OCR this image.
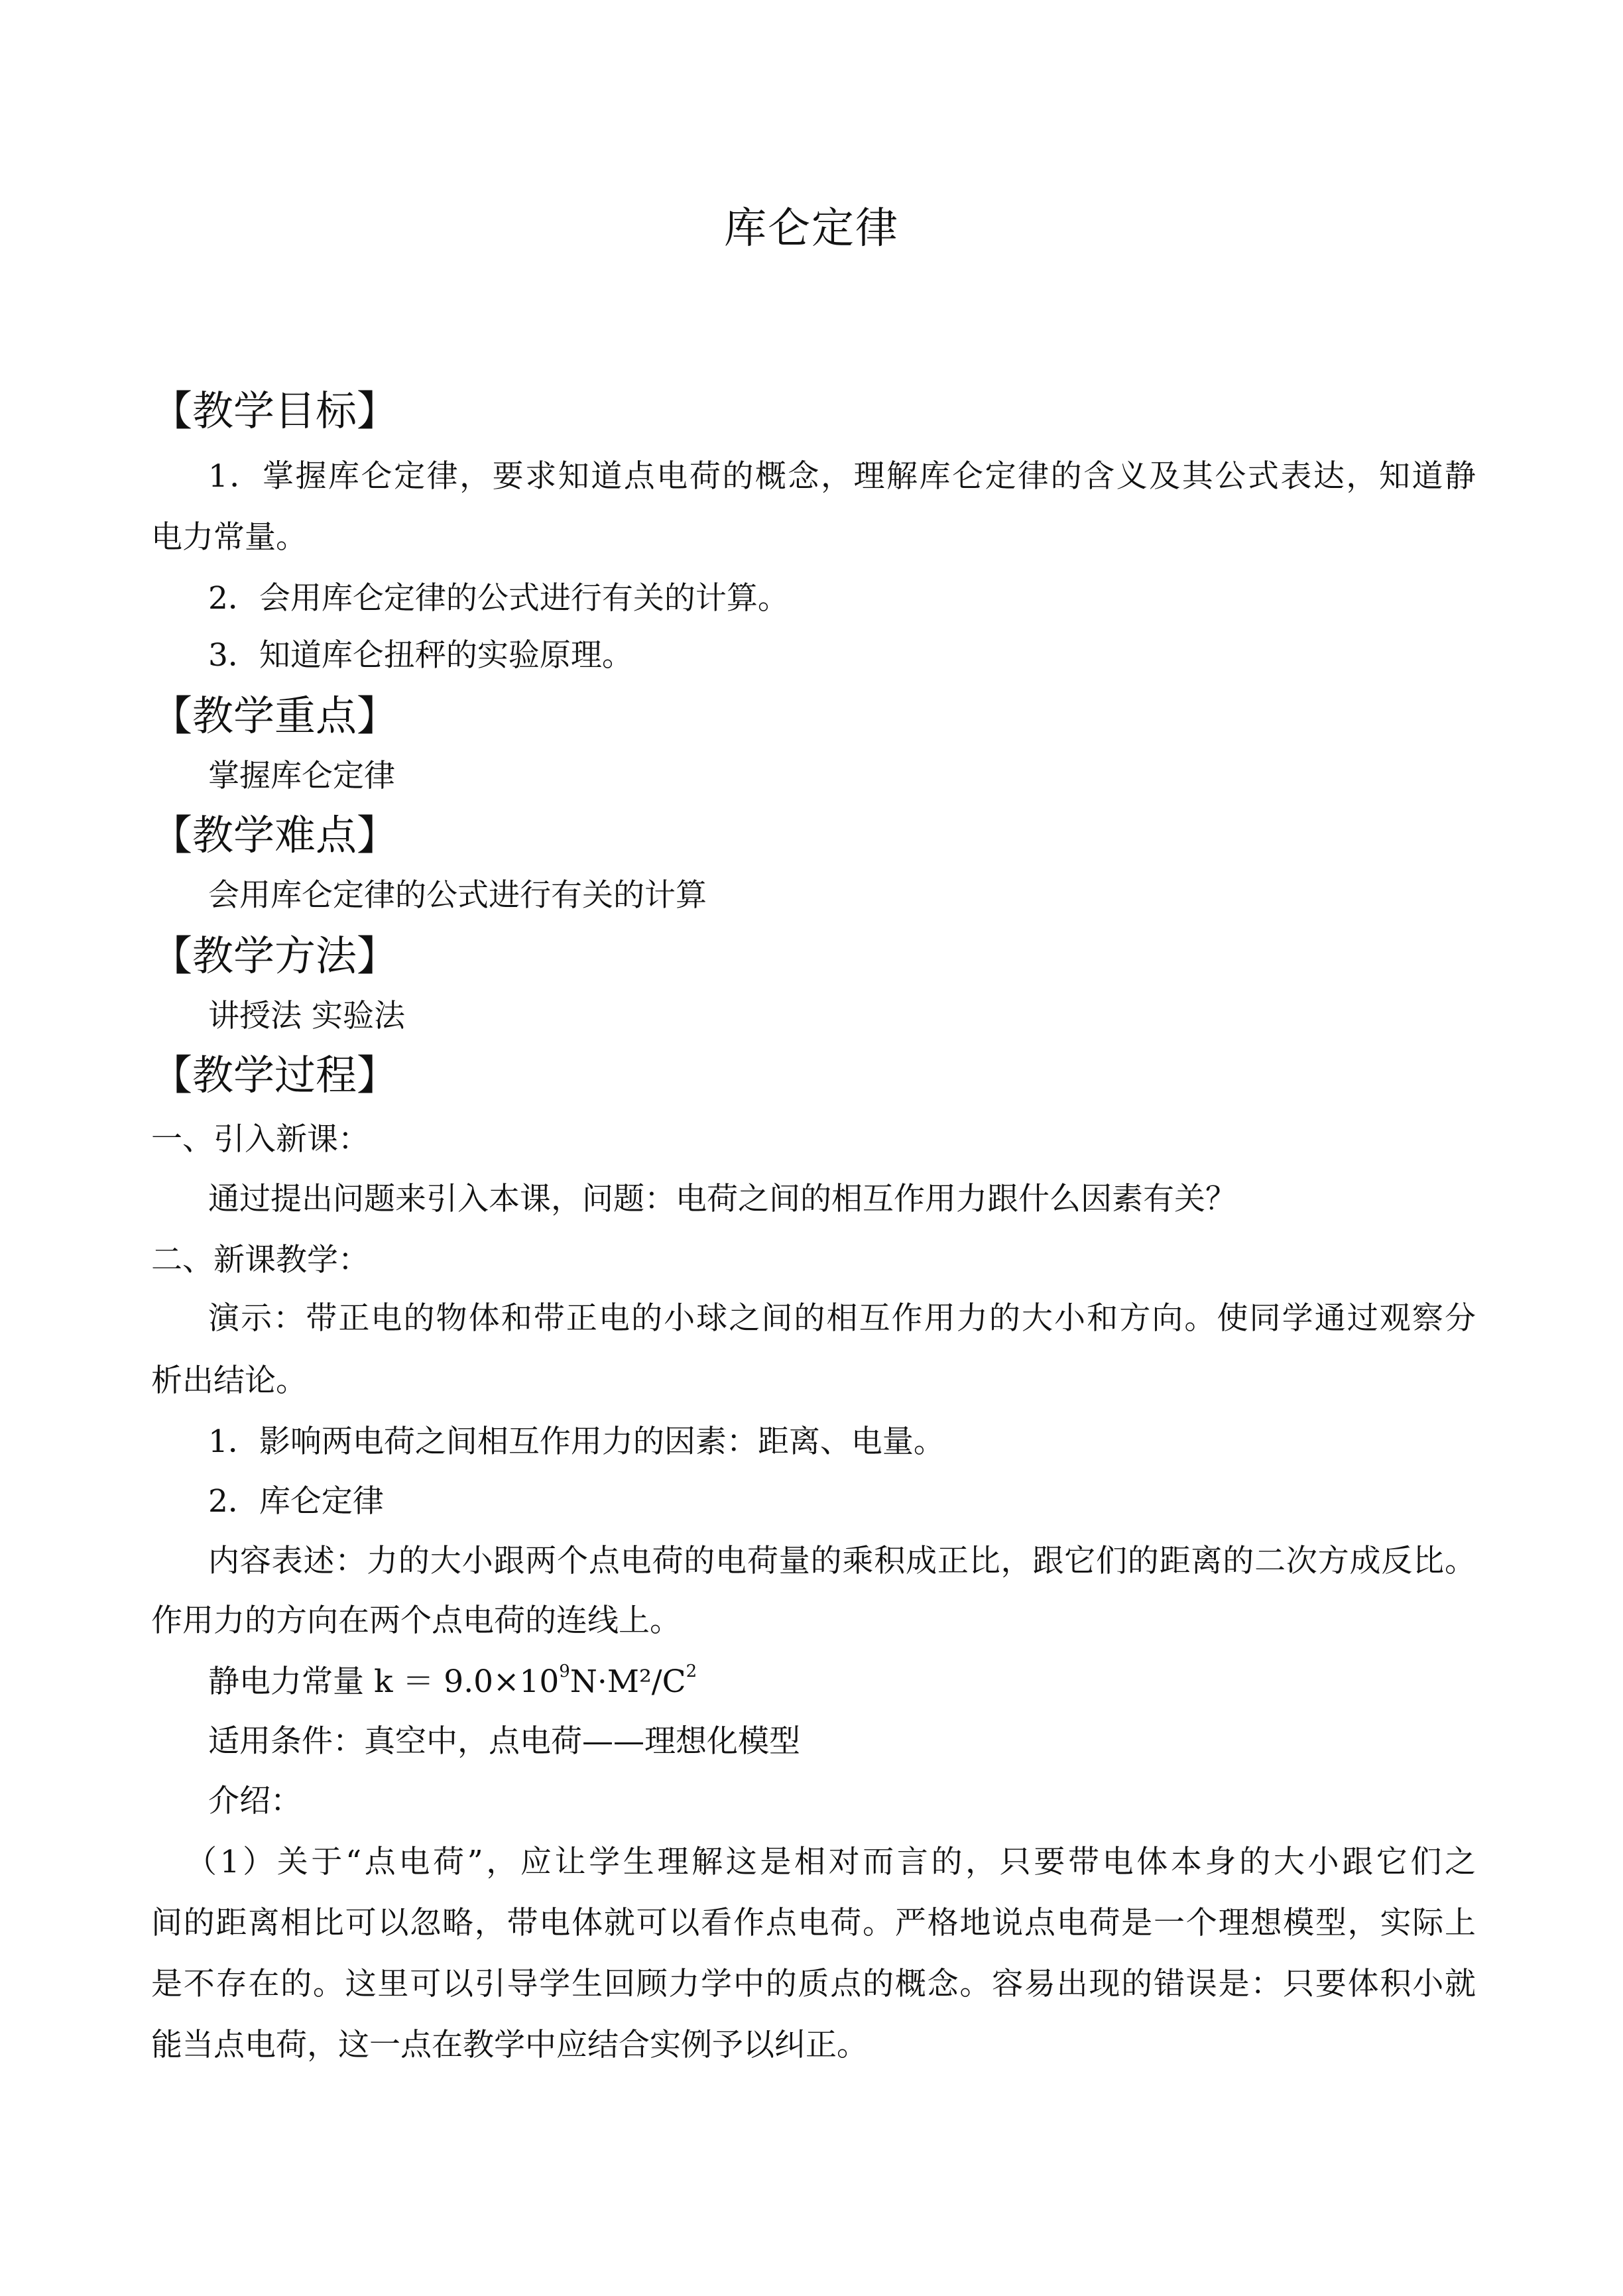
库仑定律
【教学目标】
1．掌握库仑定律，要求知道点电荷的概念，理解库仑定律的含义及其公式表达，知道静
电力常量。
2．会用库仑定律的公式进行有关的计算。
3．知道库仑扭秤的实验原理。
【教学重点】
掌握库仑定律
【教学难点】
会用库仑定律的公式进行有关的计算
【教学方法】
讲授法 实验法
【教学过程】
一、引入新课：
通过提出问题来引入本课，问题：电荷之间的相互作用力跟什么因素有关？
二、新课教学：
演示：带正电的物体和带正电的小球之间的相互作用力的大小和方向。使同学通过观察分
析出结论。
1．影响两电荷之间相互作用力的因素：距离、电量。
2．库仑定律
内容表述：力的大小跟两个点电荷的电荷量的乘积成正比，跟它们的距离的二次方成反比。
作用力的方向在两个点电荷的连线上。
静电力常量 $k = 9.0\times 10^9N\cdot M^2/C^2$
适用条件：真空中，点电荷——理想化模型
介绍：
（1）关于“点电荷”，应让学生理解这是相对而言的，只要带电体本身的大小跟它们之
间的距离相比可以忽略，带电体就可以看作点电荷。严格地说点电荷是一个理想模型，实际上
是不存在的。这里可以引导学生回顾力学中的质点的概念。容易出现的错误是：只要体积小就
能当点电荷，这一点在教学中应结合实例予以纠正。
